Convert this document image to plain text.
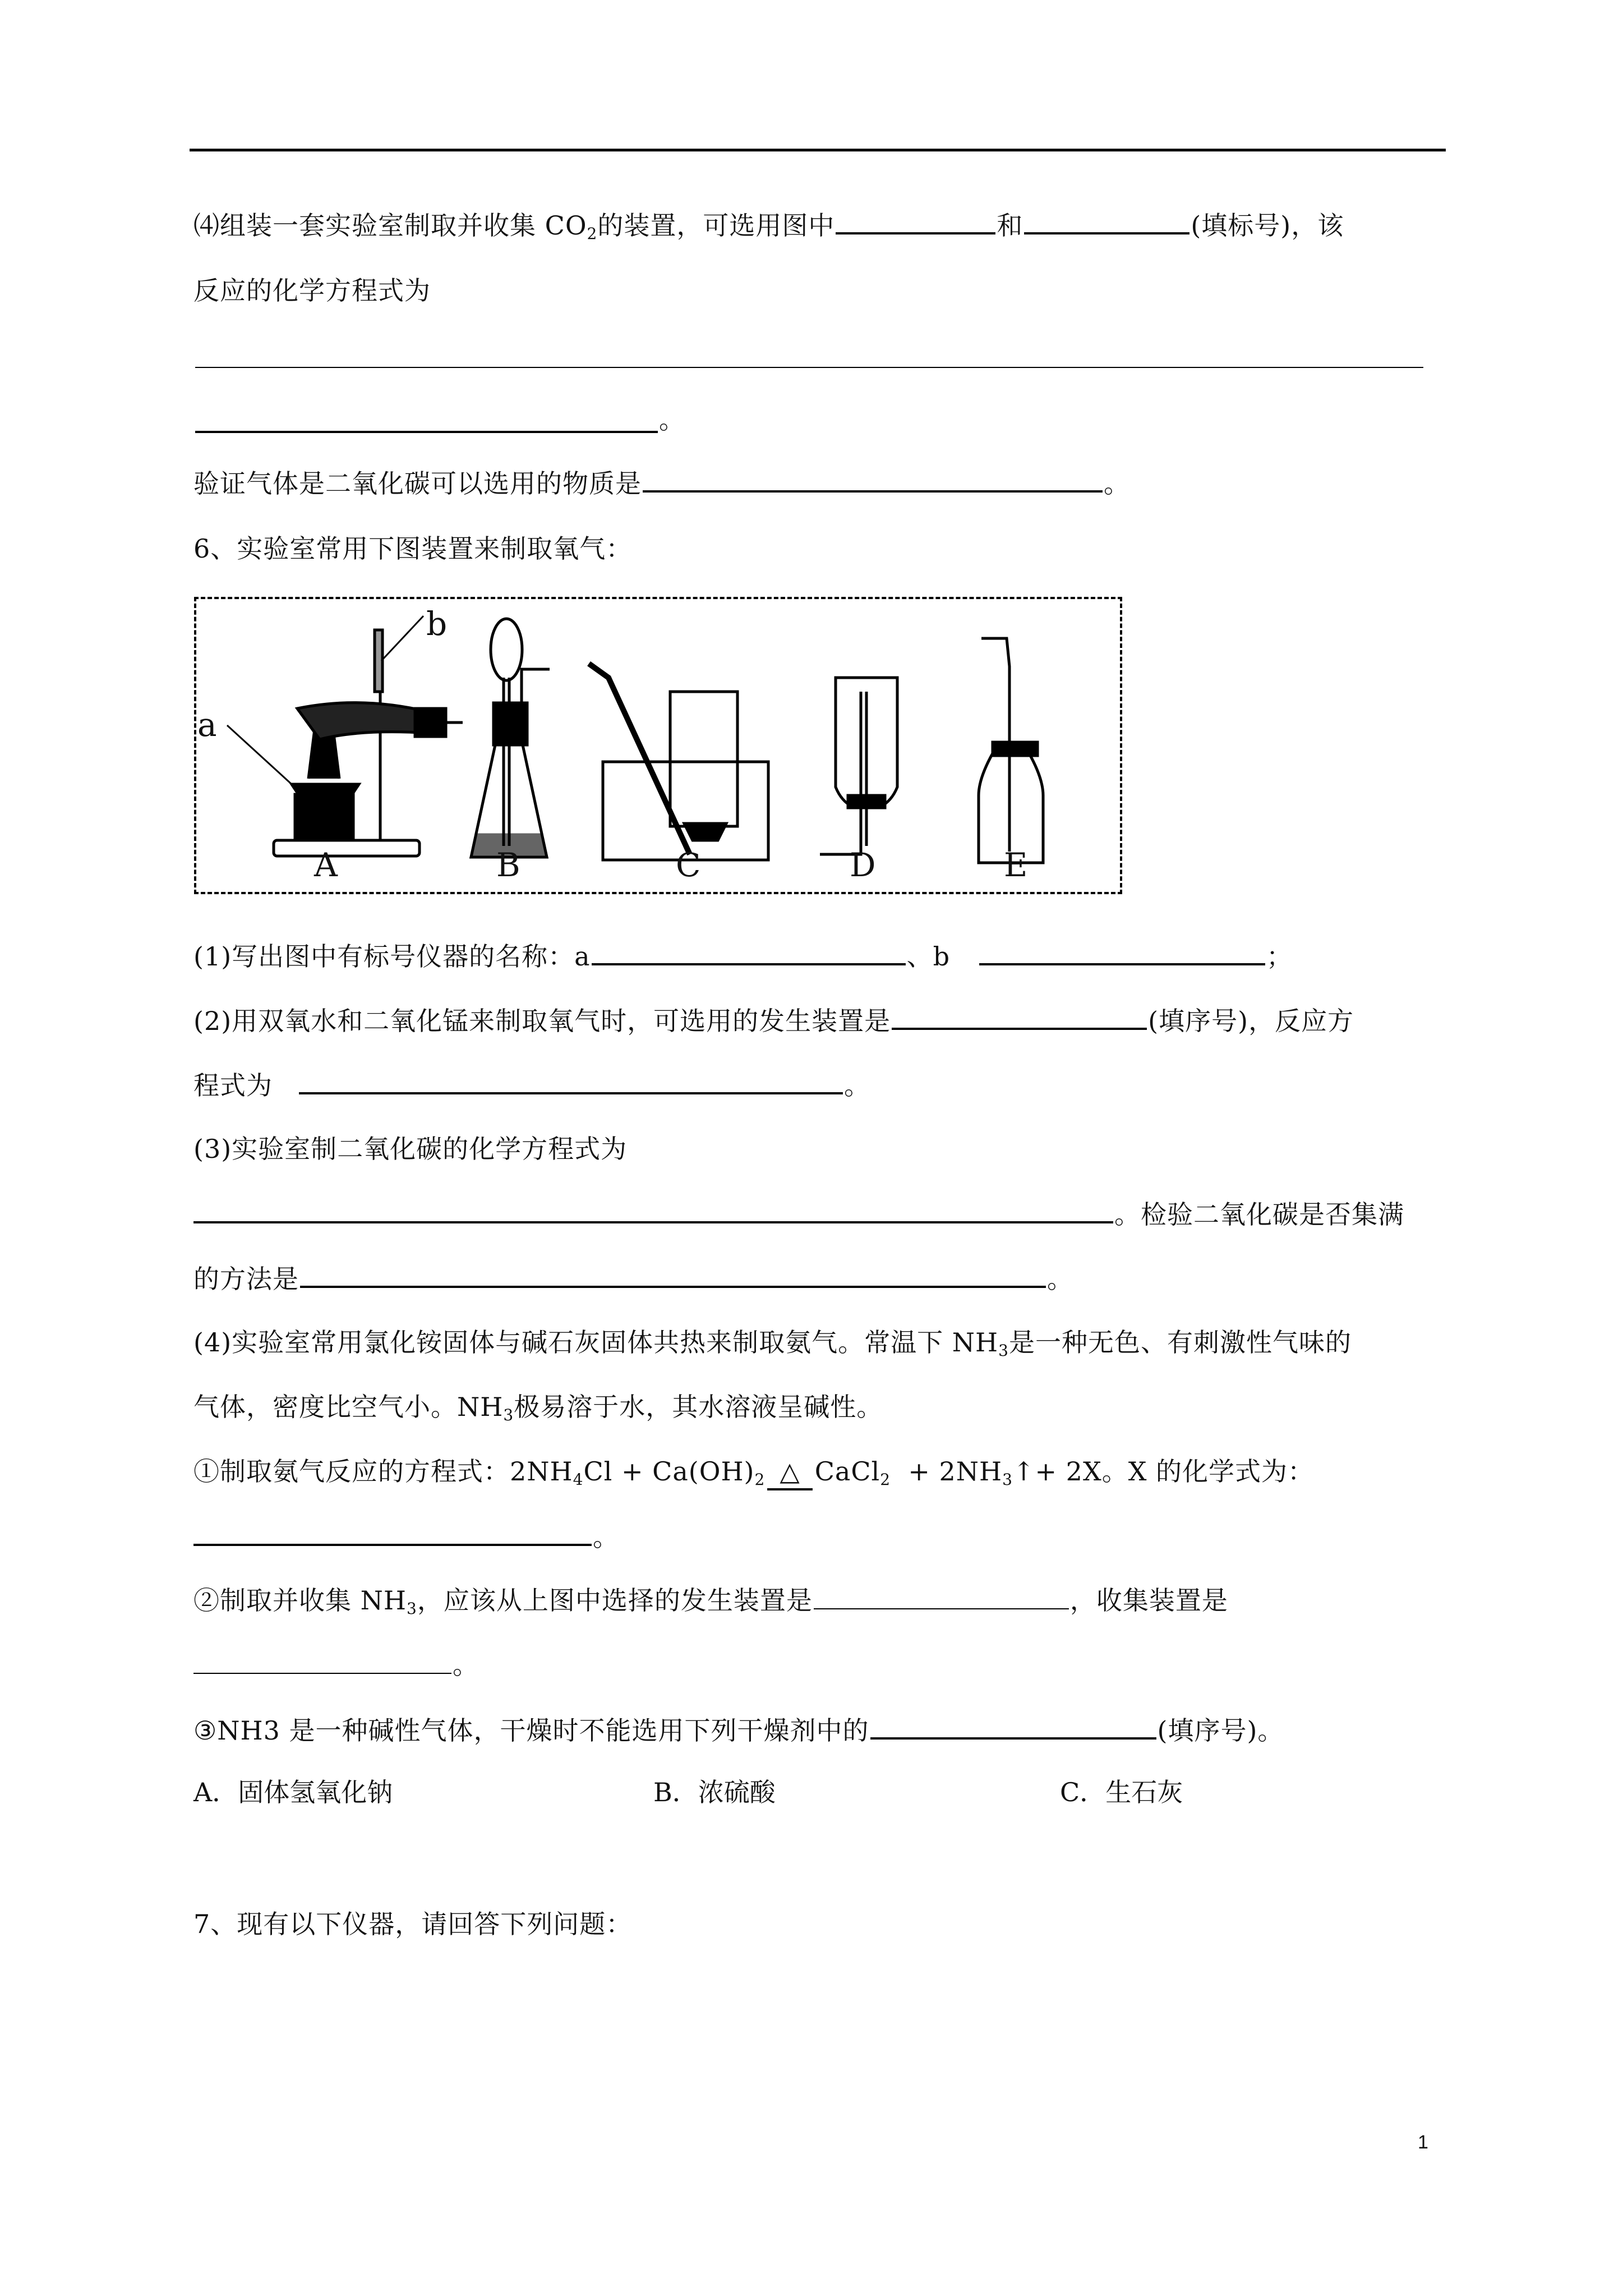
⑷组装一套实验室制取并收集 $CO_2$的装置，可选用图中	和	(填标号)，该
反应的化学方程式为
。
验证气体是二氧化碳可以选用的物质是	。
6、实验室常用下图装置来制取氧气：
a
b
A	B	C	D	E
(1)写出图中有标号仪器的名称：a	、b	；
(2)用双氧水和二氧化锰来制取氧气时，可选用的发生装置是	(填序号)，反应方
程式为	。
(3)实验室制二氧化碳的化学方程式为
。检验二氧化碳是否集满
的方法是	。
(4)实验室常用氯化铵固体与碱石灰固体共热来制取氨气。常温下 $NH_3$是一种无色、有刺激性气味的
气体，密度比空气小。$NH_3$极易溶于水，其水溶液呈碱性。
①制取氨气反应的方程式：$2NH_4Cl + Ca(OH)_2$ △ CaCl$_2$  + $2NH_3↑+ 2X$。X 的化学式为：
。
②制取并收集 $NH_3$，应该从上图中选择的发生装置是	，收集装置是
。
③NH3 是一种碱性气体，干燥时不能选用下列干燥剂中的	(填序号)。
A．固体氢氧化钠	B．浓硫酸	C．生石灰
7、现有以下仪器，请回答下列问题：
1
